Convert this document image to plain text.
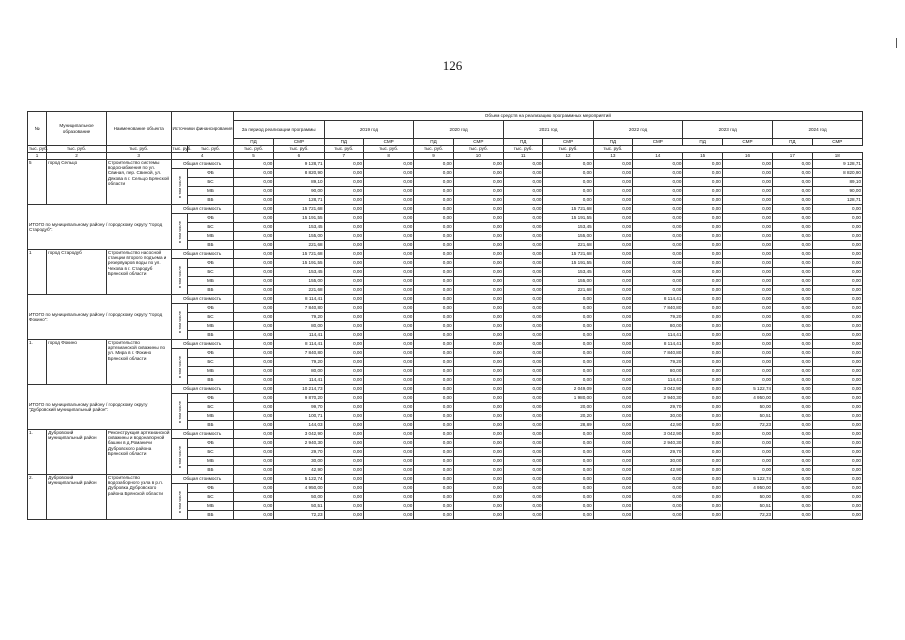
126
№	Муниципальное образование	Наименование объекта	Источники финансирования		Объем средств на реализацию программных мероприятий													
					За период реализации программы		2019 год		2020 год		2021 год		2022 год		2023 год		2024 год	
					ПД	СМР	ПД	СМР	ПД	СМР	ПД	СМР	ПД	СМР	ПД	СМР	ПД	СМР
тыс. руб.	тыс. руб.	тыс. руб.	тыс. руб.	тыс. руб.	тыс. руб.	тыс. руб.	тыс. руб.	тыс. руб.	тыс. руб.	тыс. руб.	тыс. руб.	тыс. руб.	тыс. руб.					
1	2	3	4		5	6	7	8	9	10	11	12	13	14	15	16	17	18
5	город Сельцо	Строительство системы водоснабжения по ул. Свиная, пер. Свиной, ул. Дякова в г. Сельцо Брянской области	Общая стоимость		0,00	9 128,71	0,00	0,00	0,00	0,00	0,00	0,00	0,00	0,00	0,00	0,00	0,00	9 128,71
			в том числе	ФБ	0,00	8 820,90	0,00	0,00	0,00	0,00	0,00	0,00	0,00	0,00	0,00	0,00	0,00	8 820,90
				БС	0,00	89,10	0,00	0,00	0,00	0,00	0,00	0,00	0,00	0,00	0,00	0,00	0,00	89,10
				МБ	0,00	90,00	0,00	0,00	0,00	0,00	0,00	0,00	0,00	0,00	0,00	0,00	0,00	90,00
				ВБ	0,00	128,71	0,00	0,00	0,00	0,00	0,00	0,00	0,00	0,00	0,00	0,00	0,00	128,71
ИТОГО по муниципальному району / городскому округу "город Стародуб":			Общая стоимость		0,00	15 721,68	0,00	0,00	0,00	0,00	0,00	15 721,68	0,00	0,00	0,00	0,00	0,00	0,00
			в том числе	ФБ	0,00	15 191,55	0,00	0,00	0,00	0,00	0,00	15 191,55	0,00	0,00	0,00	0,00	0,00	0,00
				БС	0,00	153,45	0,00	0,00	0,00	0,00	0,00	153,45	0,00	0,00	0,00	0,00	0,00	0,00
				МБ	0,00	155,00	0,00	0,00	0,00	0,00	0,00	155,00	0,00	0,00	0,00	0,00	0,00	0,00
				ВБ	0,00	221,68	0,00	0,00	0,00	0,00	0,00	221,68	0,00	0,00	0,00	0,00	0,00	0,00
1	город Стародуб	Строительство насосной станции второго подъема и резервуаров воды по ул. Чехова в г. Стародуб Брянской области	Общая стоимость		0,00	15 721,68	0,00	0,00	0,00	0,00	0,00	15 721,68	0,00	0,00	0,00	0,00	0,00	0,00
			в том числе	ФБ	0,00	15 191,55	0,00	0,00	0,00	0,00	0,00	15 191,55	0,00	0,00	0,00	0,00	0,00	0,00
				БС	0,00	153,45	0,00	0,00	0,00	0,00	0,00	153,45	0,00	0,00	0,00	0,00	0,00	0,00
				МБ	0,00	155,00	0,00	0,00	0,00	0,00	0,00	155,00	0,00	0,00	0,00	0,00	0,00	0,00
				ВБ	0,00	221,68	0,00	0,00	0,00	0,00	0,00	221,68	0,00	0,00	0,00	0,00	0,00	0,00
ИТОГО по муниципальному району / городскому округу "город Фокино":			Общая стоимость		0,00	8 114,41	0,00	0,00	0,00	0,00	0,00	0,00	0,00	8 114,41	0,00	0,00	0,00	0,00
			в том числе	ФБ	0,00	7 840,80	0,00	0,00	0,00	0,00	0,00	0,00	0,00	7 840,80	0,00	0,00	0,00	0,00
				БС	0,00	79,20	0,00	0,00	0,00	0,00	0,00	0,00	0,00	79,20	0,00	0,00	0,00	0,00
				МБ	0,00	80,00	0,00	0,00	0,00	0,00	0,00	0,00	0,00	80,00	0,00	0,00	0,00	0,00
				ВБ	0,00	114,41	0,00	0,00	0,00	0,00	0,00	0,00	0,00	114,41	0,00	0,00	0,00	0,00
1.	город Фокино	Строительство артезианской скважины по ул. Мира в г. Фокино Брянской области	Общая стоимость		0,00	8 114,41	0,00	0,00	0,00	0,00	0,00	0,00	0,00	8 114,41	0,00	0,00	0,00	0,00
			в том числе	ФБ	0,00	7 840,80	0,00	0,00	0,00	0,00	0,00	0,00	0,00	7 840,80	0,00	0,00	0,00	0,00
				БС	0,00	79,20	0,00	0,00	0,00	0,00	0,00	0,00	0,00	79,20	0,00	0,00	0,00	0,00
				МБ	0,00	80,00	0,00	0,00	0,00	0,00	0,00	0,00	0,00	80,00	0,00	0,00	0,00	0,00
				ВБ	0,00	114,41	0,00	0,00	0,00	0,00	0,00	0,00	0,00	114,41	0,00	0,00	0,00	0,00
ИТОГО по муниципальному району / городскому округу "Дубровский муниципальный район":			Общая стоимость		0,00	10 214,73	0,00	0,00	0,00	0,00	0,00	2 049,09	0,00	3 042,90	0,00	5 122,74	0,00	0,00
			в том числе	ФБ	0,00	9 870,20	0,00	0,00	0,00	0,00	0,00	1 980,00	0,00	2 940,30	0,00	4 950,00	0,00	0,00
				БС	0,00	99,70	0,00	0,00	0,00	0,00	0,00	20,00	0,00	29,70	0,00	50,00	0,00	0,00
				МБ	0,00	100,71	0,00	0,00	0,00	0,00	0,00	20,20	0,00	30,00	0,00	50,51	0,00	0,00
				ВБ	0,00	144,03	0,00	0,00	0,00	0,00	0,00	28,89	0,00	42,90	0,00	72,23	0,00	0,00
1.	Дубровский муниципальный район	Реконструкция артезианской скважины и водонапорной башни в д.Романичи Дубровского района Брянской области	Общая стоимость		0,00	3 042,90	0,00	0,00	0,00	0,00	0,00	0,00	0,00	3 042,90	0,00	0,00	0,00	0,00
			в том числе	ФБ	0,00	2 940,30	0,00	0,00	0,00	0,00	0,00	0,00	0,00	2 940,30	0,00	0,00	0,00	0,00
				БС	0,00	29,70	0,00	0,00	0,00	0,00	0,00	0,00	0,00	29,70	0,00	0,00	0,00	0,00
				МБ	0,00	30,00	0,00	0,00	0,00	0,00	0,00	0,00	0,00	30,00	0,00	0,00	0,00	0,00
				ВБ	0,00	42,90	0,00	0,00	0,00	0,00	0,00	0,00	0,00	42,90	0,00	0,00	0,00	0,00
2.	Дубровский муниципальный район	Строительство водозаборного узла в р.п. Дубровка Дубровского района Брянской области	Общая стоимость		0,00	5 122,74	0,00	0,00	0,00	0,00	0,00	0,00	0,00	0,00	0,00	5 122,74	0,00	0,00
			в том числе	ФБ	0,00	4 950,00	0,00	0,00	0,00	0,00	0,00	0,00	0,00	0,00	0,00	4 950,00	0,00	0,00
				БС	0,00	50,00	0,00	0,00	0,00	0,00	0,00	0,00	0,00	0,00	0,00	50,00	0,00	0,00
				МБ	0,00	50,51	0,00	0,00	0,00	0,00	0,00	0,00	0,00	0,00	0,00	50,51	0,00	0,00
				ВБ	0,00	72,23	0,00	0,00	0,00	0,00	0,00	0,00	0,00	0,00	0,00	72,23	0,00	0,00
